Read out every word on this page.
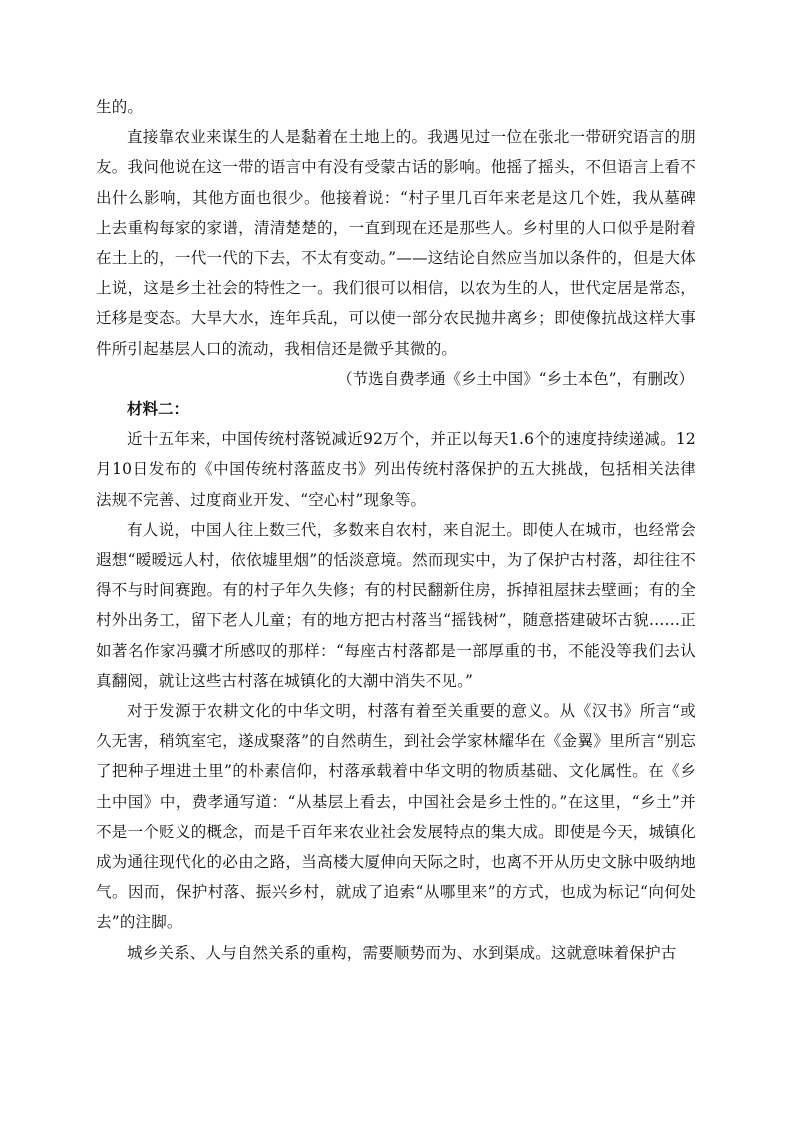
生的。

直接靠农业来谋生的人是黏着在土地上的。我遇见过一位在张北一带研究语言的朋友。我问他说在这一带的语言中有没有受蒙古话的影响。他摇了摇头，不但语言上看不出什么影响，其他方面也很少。他接着说：“村子里几百年来老是这几个姓，我从墓碑上去重构每家的家谱，清清楚楚的，一直到现在还是那些人。乡村里的人口似乎是附着在土上的，一代一代的下去，不太有变动。”——这结论自然应当加以条件的，但是大体上说，这是乡土社会的特性之一。我们很可以相信，以农为生的人，世代定居是常态，迁移是变态。大旱大水，连年兵乱，可以使一部分农民抛井离乡；即使像抗战这样大事件所引起基层人口的流动，我相信还是微乎其微的。

（节选自费孝通《乡土中国》“乡土本色”，有删改）

材料二：

近十五年来，中国传统村落锐减近92万个，并正以每天1.6个的速度持续递减。12月10日发布的《中国传统村落蓝皮书》列出传统村落保护的五大挑战，包括相关法律法规不完善、过度商业开发、“空心村”现象等。

有人说，中国人往上数三代，多数来自农村，来自泥土。即使人在城市，也经常会遐想“暧暧远人村，依依墟里烟”的恬淡意境。然而现实中，为了保护古村落，却往往不得不与时间赛跑。有的村子年久失修；有的村民翻新住房，拆掉祖屋抹去壁画；有的全村外出务工，留下老人儿童；有的地方把古村落当“摇钱树”，随意搭建破坏古貌……正如著名作家冯骥才所感叹的那样：“每座古村落都是一部厚重的书，不能没等我们去认真翻阅，就让这些古村落在城镇化的大潮中消失不见。”

对于发源于农耕文化的中华文明，村落有着至关重要的意义。从《汉书》所言“或久无害，稍筑室宅，遂成聚落”的自然萌生，到社会学家林耀华在《金翼》里所言“别忘了把种子埋进土里”的朴素信仰，村落承载着中华文明的物质基础、文化属性。在《乡土中国》中，费孝通写道：“从基层上看去，中国社会是乡土性的。”在这里，“乡土”并不是一个贬义的概念，而是千百年来农业社会发展特点的集大成。即使是今天，城镇化成为通往现代化的必由之路，当高楼大厦伸向天际之时，也离不开从历史文脉中吸纳地气。因而，保护村落、振兴乡村，就成了追索“从哪里来”的方式，也成为标记“向何处去”的注脚。

城乡关系、人与自然关系的重构，需要顺势而为、水到渠成。这就意味着保护古
